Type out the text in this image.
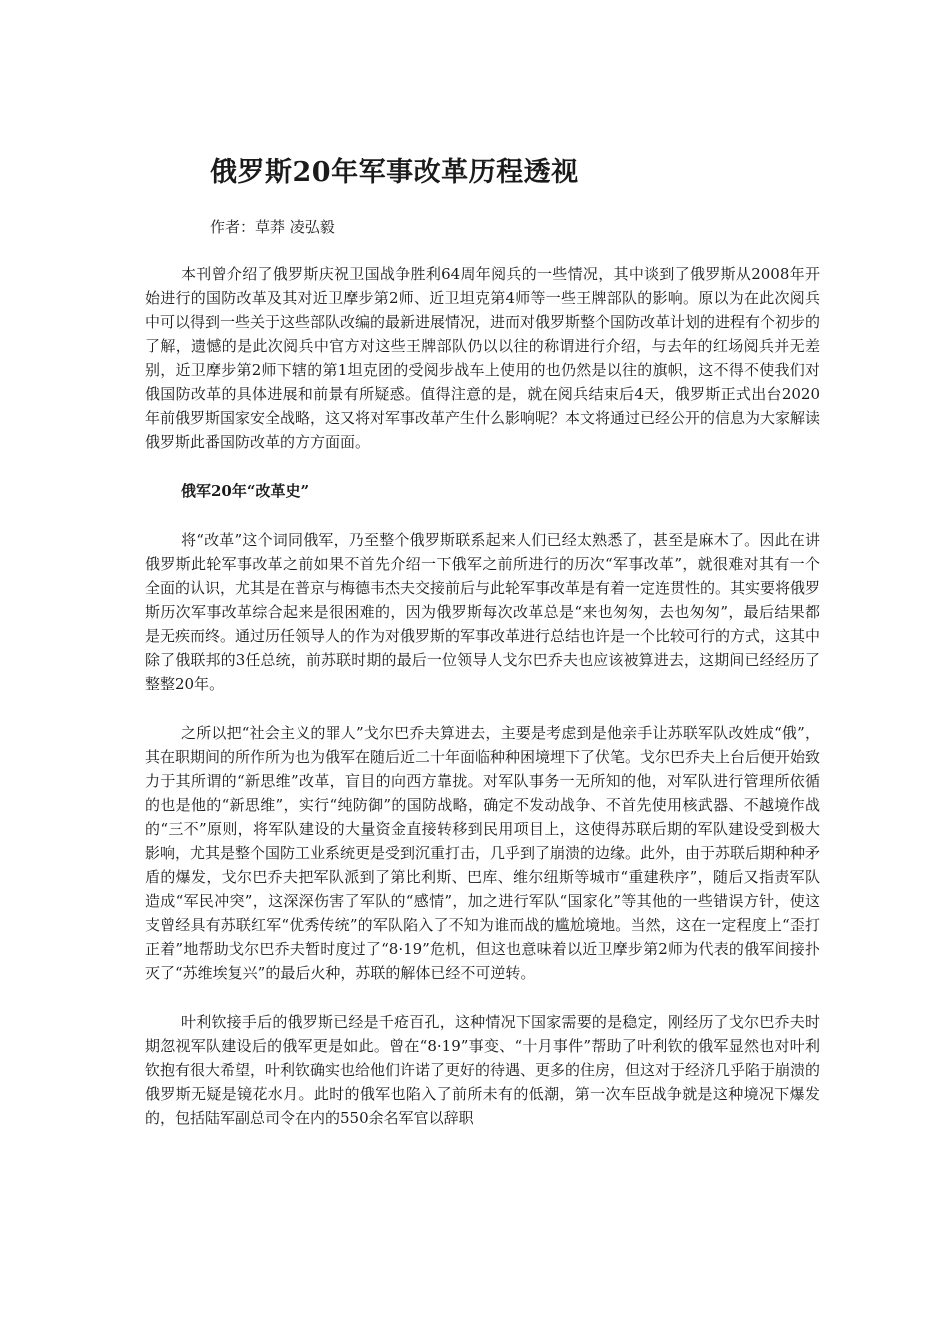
俄罗斯20年军事改革历程透视

作者：草莽 凌弘毅

本刊曾介绍了俄罗斯庆祝卫国战争胜利64周年阅兵的一些情况，其中谈到了俄罗斯从2008年开始进行的国防改革及其对近卫摩步第2师、近卫坦克第4师等一些王牌部队的影响。原以为在此次阅兵中可以得到一些关于这些部队改编的最新进展情况，进而对俄罗斯整个国防改革计划的进程有个初步的了解，遗憾的是此次阅兵中官方对这些王牌部队仍以以往的称谓进行介绍，与去年的红场阅兵并无差别，近卫摩步第2师下辖的第1坦克团的受阅步战车上使用的也仍然是以往的旗帜，这不得不使我们对俄国防改革的具体进展和前景有所疑惑。值得注意的是，就在阅兵结束后4天，俄罗斯正式出台2020年前俄罗斯国家安全战略，这又将对军事改革产生什么影响呢？本文将通过已经公开的信息为大家解读俄罗斯此番国防改革的方方面面。

俄军20年“改革史”

将“改革”这个词同俄军，乃至整个俄罗斯联系起来人们已经太熟悉了，甚至是麻木了。因此在讲俄罗斯此轮军事改革之前如果不首先介绍一下俄军之前所进行的历次“军事改革”，就很难对其有一个全面的认识，尤其是在普京与梅德韦杰夫交接前后与此轮军事改革是有着一定连贯性的。其实要将俄罗斯历次军事改革综合起来是很困难的，因为俄罗斯每次改革总是“来也匆匆，去也匆匆”，最后结果都是无疾而终。通过历任领导人的作为对俄罗斯的军事改革进行总结也许是一个比较可行的方式，这其中除了俄联邦的3任总统，前苏联时期的最后一位领导人戈尔巴乔夫也应该被算进去，这期间已经经历了整整20年。

之所以把“社会主义的罪人”戈尔巴乔夫算进去，主要是考虑到是他亲手让苏联军队改姓成“俄”，其在职期间的所作所为也为俄军在随后近二十年面临种种困境埋下了伏笔。戈尔巴乔夫上台后便开始致力于其所谓的“新思维”改革，盲目的向西方靠拢。对军队事务一无所知的他，对军队进行管理所依循的也是他的“新思维”，实行“纯防御”的国防战略，确定不发动战争、不首先使用核武器、不越境作战的“三不”原则，将军队建设的大量资金直接转移到民用项目上，这使得苏联后期的军队建设受到极大影响，尤其是整个国防工业系统更是受到沉重打击，几乎到了崩溃的边缘。此外，由于苏联后期种种矛盾的爆发，戈尔巴乔夫把军队派到了第比利斯、巴库、维尔纽斯等城市“重建秩序”，随后又指责军队造成“军民冲突”，这深深伤害了军队的“感情”，加之进行军队“国家化”等其他的一些错误方针，使这支曾经具有苏联红军“优秀传统”的军队陷入了不知为谁而战的尴尬境地。当然，这在一定程度上“歪打正着”地帮助戈尔巴乔夫暂时度过了“8·19”危机，但这也意味着以近卫摩步第2师为代表的俄军间接扑灭了“苏维埃复兴”的最后火种，苏联的解体已经不可逆转。

叶利钦接手后的俄罗斯已经是千疮百孔，这种情况下国家需要的是稳定，刚经历了戈尔巴乔夫时期忽视军队建设后的俄军更是如此。曾在“8·19”事变、“十月事件”帮助了叶利钦的俄军显然也对叶利钦抱有很大希望，叶利钦确实也给他们许诺了更好的待遇、更多的住房，但这对于经济几乎陷于崩溃的俄罗斯无疑是镜花水月。此时的俄军也陷入了前所未有的低潮，第一次车臣战争就是这种境况下爆发的，包括陆军副总司令在内的550余名军官以辞职
